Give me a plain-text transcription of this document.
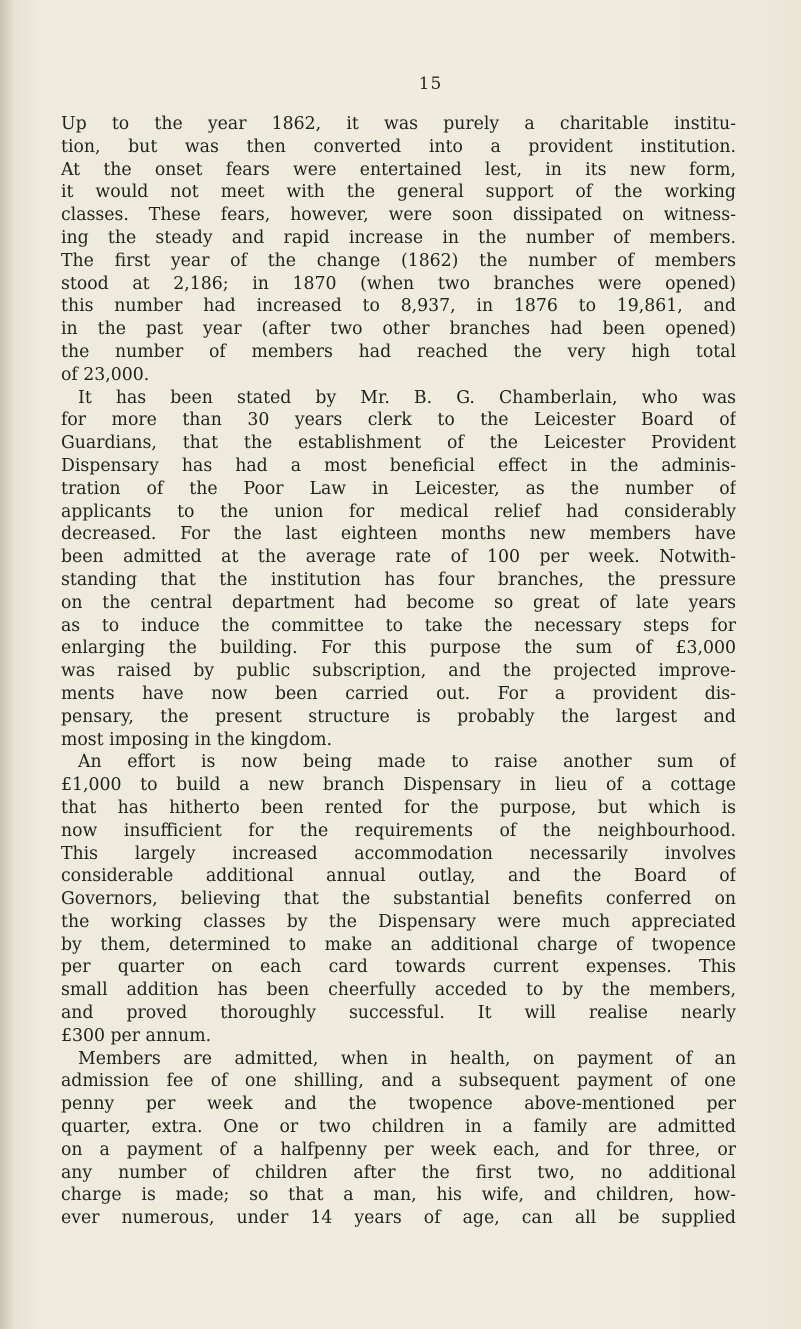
15
Up to the year 1862, it was purely a charitable institu-
tion, but was then converted into a provident institution.
At the onset fears were entertained lest, in its new form,
it would not meet with the general support of the working
classes. These fears, however, were soon dissipated on witness-
ing the steady and rapid increase in the number of members.
The first year of the change (1862) the number of members
stood at 2,186; in 1870 (when two branches were opened)
this number had increased to 8,937, in 1876 to 19,861, and
in the past year (after two other branches had been opened)
the number of members had reached the very high total
of 23,000.
It has been stated by Mr. B. G. Chamberlain, who was
for more than 30 years clerk to the Leicester Board of
Guardians, that the establishment of the Leicester Provident
Dispensary has had a most beneficial effect in the adminis-
tration of the Poor Law in Leicester, as the number of
applicants to the union for medical relief had considerably
decreased. For the last eighteen months new members have
been admitted at the average rate of 100 per week. Notwith-
standing that the institution has four branches, the pressure
on the central department had become so great of late years
as to induce the committee to take the necessary steps for
enlarging the building. For this purpose the sum of £3,000
was raised by public subscription, and the projected improve-
ments have now been carried out. For a provident dis-
pensary, the present structure is probably the largest and
most imposing in the kingdom.
An effort is now being made to raise another sum of
£1,000 to build a new branch Dispensary in lieu of a cottage
that has hitherto been rented for the purpose, but which is
now insufficient for the requirements of the neighbourhood.
This largely increased accommodation necessarily involves
considerable additional annual outlay, and the Board of
Governors, believing that the substantial benefits conferred on
the working classes by the Dispensary were much appreciated
by them, determined to make an additional charge of twopence
per quarter on each card towards current expenses. This
small addition has been cheerfully acceded to by the members,
and proved thoroughly successful. It will realise nearly
£300 per annum.
Members are admitted, when in health, on payment of an
admission fee of one shilling, and a subsequent payment of one
penny per week and the twopence above-mentioned per
quarter, extra. One or two children in a family are admitted
on a payment of a halfpenny per week each, and for three, or
any number of children after the first two, no additional
charge is made; so that a man, his wife, and children, how-
ever numerous, under 14 years of age, can all be supplied
